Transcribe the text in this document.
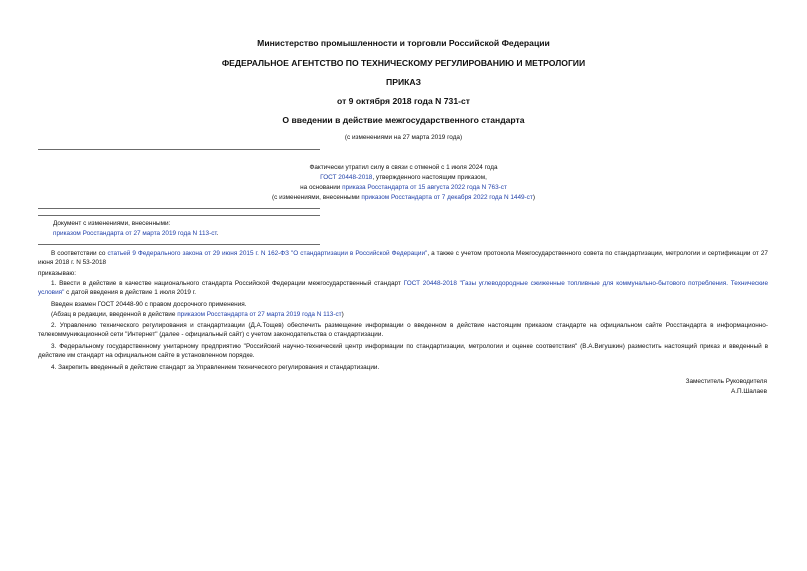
Министерство промышленности и торговли Российской Федерации
ФЕДЕРАЛЬНОЕ АГЕНТСТВО ПО ТЕХНИЧЕСКОМУ РЕГУЛИРОВАНИЮ И МЕТРОЛОГИИ
ПРИКАЗ
от 9 октября 2018 года N 731-ст
О введении в действие межгосударственного стандарта
(с изменениями на 27 марта 2019 года)
Фактически утратил силу в связи с отменой с 1 июля 2024 года
ГОСТ 20448-2018, утвержденного настоящим приказом,
на основании приказа Росстандарта от 15 августа 2022 года N 763-ст
(с изменениями, внесенными приказом Росстандарта от 7 декабря 2022 года N 1449-ст)
Документ с изменениями, внесенными:
приказом Росстандарта от 27 марта 2019 года N 113-ст.
В соответствии со статьей 9 Федерального закона от 29 июня 2015 г. N 162-ФЗ "О стандартизации в Российской Федерации", а также с учетом протокола Межгосударственного совета по стандартизации, метрологии и сертификации от 27 июня 2018 г. N 53-2018
приказываю:
1. Ввести в действие в качестве национального стандарта Российской Федерации межгосударственный стандарт ГОСТ 20448-2018 "Газы углеводородные сжиженные топливные для коммунально-бытового потребления. Технические условия" с датой введения в действие 1 июля 2019 г.
Введен взамен ГОСТ 20448-90 с правом досрочного применения.
(Абзац в редакции, введенной в действие приказом Росстандарта от 27 марта 2019 года N 113-ст)
2. Управлению технического регулирования и стандартизации (Д.А.Тощев) обеспечить размещение информации о введенном в действие настоящим приказом стандарте на официальном сайте Росстандарта в информационно-телекоммуникационной сети "Интернет" (далее - официальный сайт) с учетом законодательства о стандартизации.
3. Федеральному государственному унитарному предприятию "Российский научно-технический центр информации по стандартизации, метрологии и оценке соответствия" (В.А.Вигушкин) разместить настоящий приказ и введенный в действие им стандарт на официальном сайте в установленном порядке.
4. Закрепить введенный в действие стандарт за Управлением технического регулирования и стандартизации.
Заместитель Руководителя
А.П.Шалаев
